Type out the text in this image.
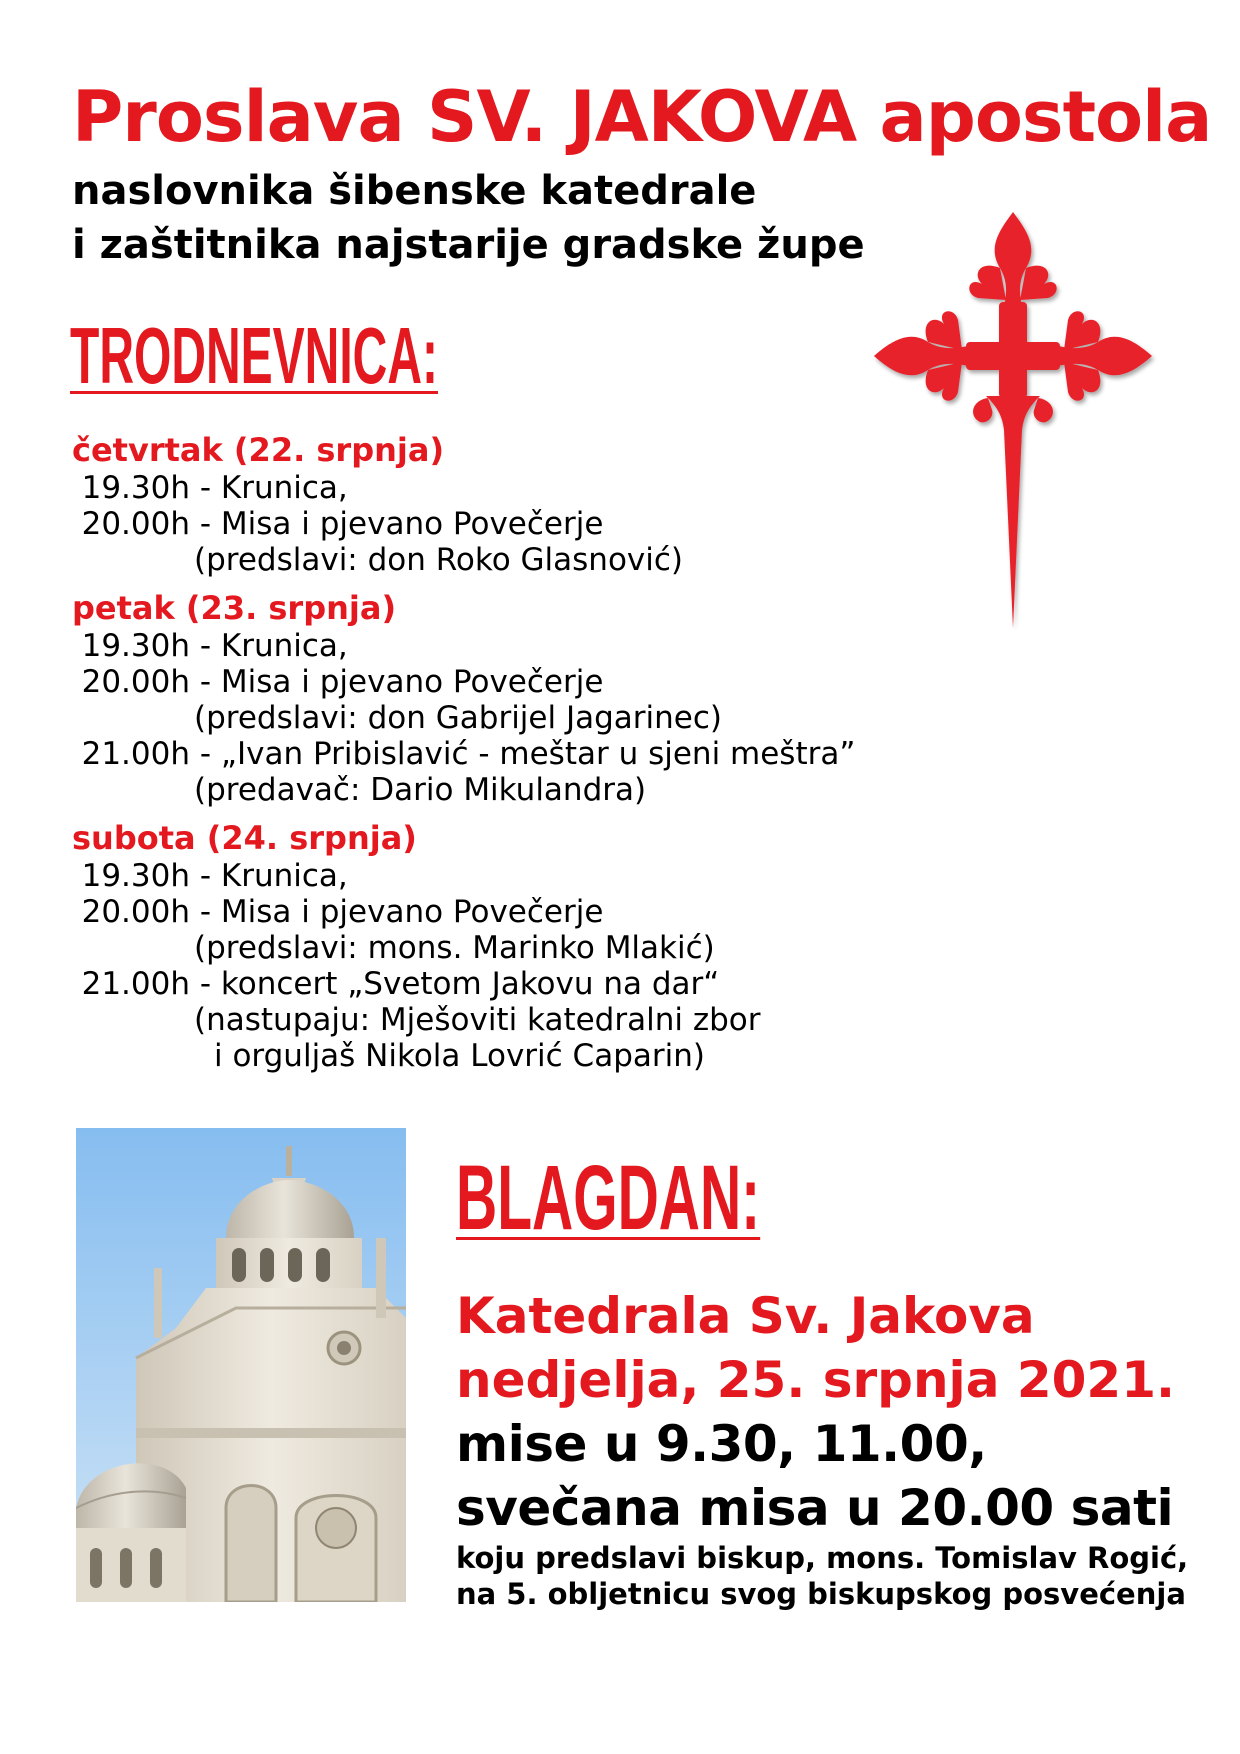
Proslava SV. JAKOVA apostola
naslovnika šibenske katedrale
i zaštitnika najstarije gradske župe
TRODNEVNICA:
četvrtak (22. srpnja)
19.30h - Krunica,
20.00h - Misa i pjevano Povečerje
(predslavi: don Roko Glasnović)
petak (23. srpnja)
19.30h - Krunica,
20.00h - Misa i pjevano Povečerje
(predslavi: don Gabrijel Jagarinec)
21.00h - „Ivan Pribislavić - meštar u sjeni meštra”
(predavač: Dario Mikulandra)
subota (24. srpnja)
19.30h - Krunica,
20.00h - Misa i pjevano Povečerje
(predslavi: mons. Marinko Mlakić)
21.00h - koncert „Svetom Jakovu na dar“
(nastupaju: Mješoviti katedralni zbor
i orguljaš Nikola Lovrić Caparin)
BLAGDAN:
Katedrala Sv. Jakova
nedjelja, 25. srpnja 2021.
mise u 9.30, 11.00,
svečana misa u 20.00 sati
koju predslavi biskup, mons. Tomislav Rogić,
na 5. obljetnicu svog biskupskog posvećenja
